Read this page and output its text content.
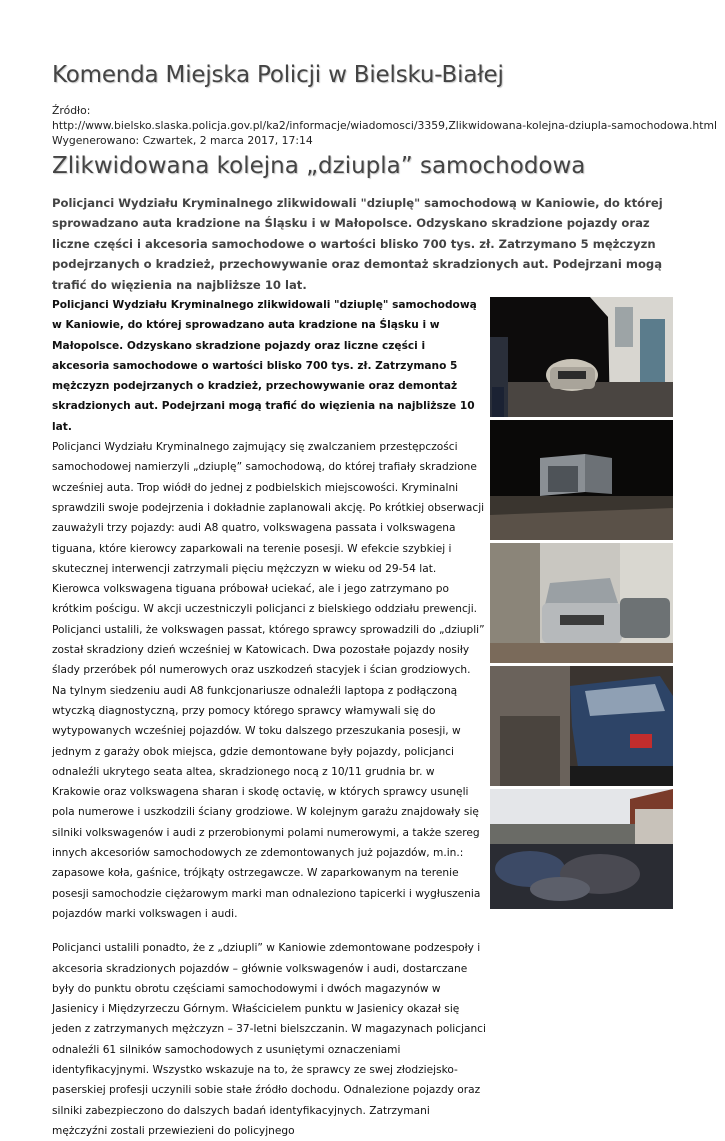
Komenda Miejska Policji w Bielsku-Białej
Źródło:
http://www.bielsko.slaska.policja.gov.pl/ka2/informacje/wiadomosci/3359,Zlikwidowana-kolejna-dziupla-samochodowa.html
Wygenerowano: Czwartek, 2 marca 2017, 17:14
Zlikwidowana kolejna „dziupla” samochodowa

Policjanci Wydziału Kryminalnego zlikwidowali "dziuplę" samochodową w Kaniowie, do której sprowadzano auta kradzione na Śląsku i w Małopolsce. Odzyskano skradzione pojazdy oraz liczne części i akcesoria samochodowe o wartości blisko 700 tys. zł. Zatrzymano 5 mężczyzn podejrzanych o kradzież, przechowywanie oraz demontaż skradzionych aut. Podejrzani mogą trafić do więzienia na najbliższe 10 lat.

Policjanci Wydziału Kryminalnego zlikwidowali "dziuplę" samochodową w Kaniowie, do której sprowadzano auta kradzione na Śląsku i w Małopolsce. Odzyskano skradzione pojazdy oraz liczne części i akcesoria samochodowe o wartości blisko 700 tys. zł. Zatrzymano 5 mężczyzn podejrzanych o kradzież, przechowywanie oraz demontaż skradzionych aut. Podejrzani mogą trafić do więzienia na najbliższe 10 lat.

Policjanci Wydziału Kryminalnego zajmujący się zwalczaniem przestępczości samochodowej namierzyli „dziuplę” samochodową, do której trafiały skradzione wcześniej auta. Trop wiódł do jednej z podbielskich miejscowości. Kryminalni sprawdzili swoje podejrzenia i dokładnie zaplanowali akcję. Po krótkiej obserwacji zauważyli trzy pojazdy: audi A8 quatro, volkswagena passata i volkswagena tiguana, które kierowcy zaparkowali na terenie posesji. W efekcie szybkiej i skutecznej interwencji zatrzymali pięciu mężczyzn w wieku od 29-54 lat. Kierowca volkswagena tiguana próbował uciekać, ale i jego zatrzymano po krótkim pościgu. W akcji uczestniczyli policjanci z bielskiego oddziału prewencji. Policjanci ustalili, że volkswagen passat, którego sprawcy sprowadzili do „dziupli” został skradziony dzień wcześniej w Katowicach. Dwa pozostałe pojazdy nosiły ślady przeróbek pól numerowych oraz uszkodzeń stacyjek i ścian grodziowych. Na tylnym siedzeniu audi A8 funkcjonariusze odnaleźli laptopa z podłączoną wtyczką diagnostyczną, przy pomocy którego sprawcy włamywali się do wytypowanych wcześniej pojazdów. W toku dalszego przeszukania posesji, w jednym z garaży obok miejsca, gdzie demontowane były pojazdy, policjanci odnaleźli ukrytego seata altea, skradzionego nocą z 10/11 grudnia br. w Krakowie oraz volkswagena sharan i skodę octavię, w których sprawcy usunęli pola numerowe i uszkodzili ściany grodziowe. W kolejnym garażu znajdowały się silniki volkswagenów i audi z przerobionymi polami numerowymi, a także szereg innych akcesoriów samochodowych ze zdemontowanych już pojazdów, m.in.: zapasowe koła, gaśnice, trójkąty ostrzegawcze. W zaparkowanym na terenie posesji samochodzie ciężarowym marki man odnaleziono tapicerki i wygłuszenia pojazdów marki volkswagen i audi.

Policjanci ustalili ponadto, że z „dziupli” w Kaniowie zdemontowane podzespoły i akcesoria skradzionych pojazdów – głównie volkswagenów i audi, dostarczane były do punktu obrotu częściami samochodowymi i dwóch magazynów w Jasienicy i Międzyrzeczu Górnym. Właścicielem punktu w Jasienicy okazał się jeden z zatrzymanych mężczyzn – 37-letni bielszczanin. W magazynach policjanci odnaleźli 61 silników samochodowych z usuniętymi oznaczeniami identyfikacyjnymi. Wszystko wskazuje na to, że sprawcy ze swej złodziejsko-paserskiej profesji uczynili sobie stałe źródło dochodu. Odnalezione pojazdy oraz silniki zabezpieczono do dalszych badań identyfikacyjnych. Zatrzymani mężczyźni zostali przewiezieni do policyjnego
